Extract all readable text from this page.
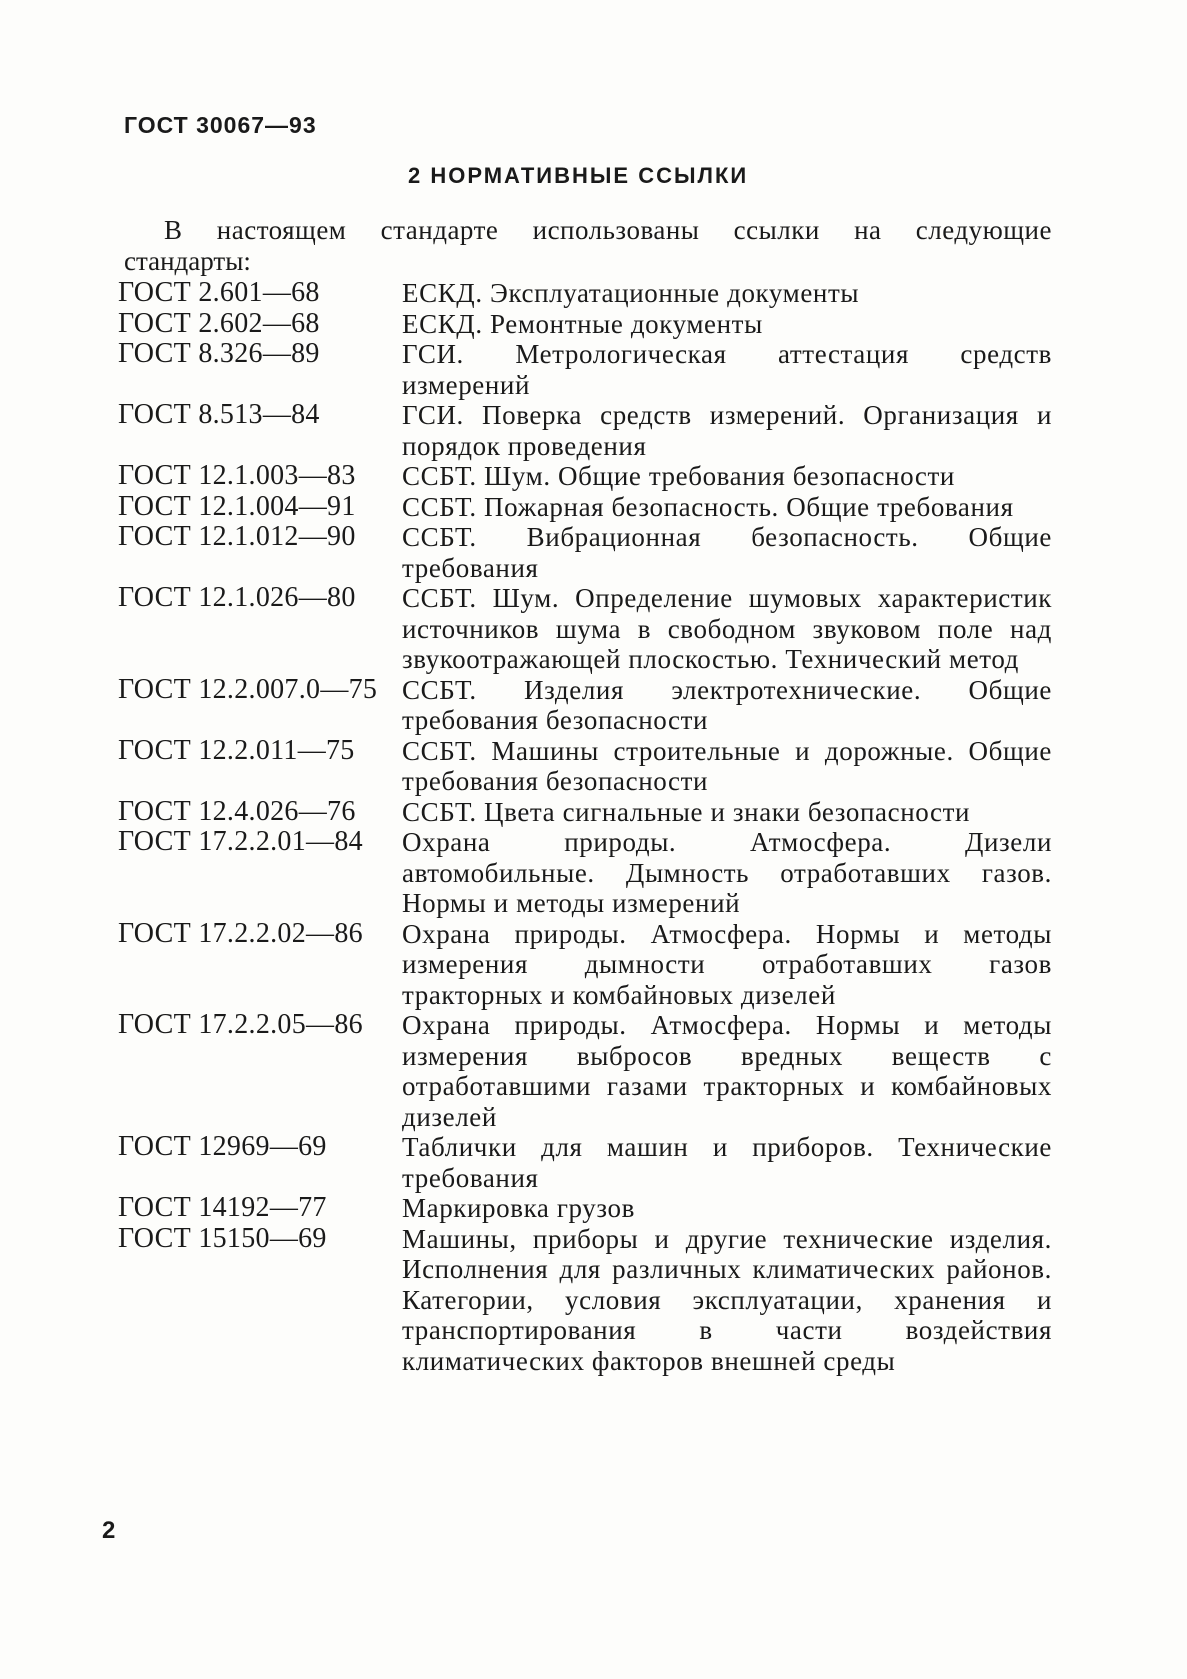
ГОСТ 30067—93
2 НОРМАТИВНЫЕ ССЫЛКИ
В настоящем стандарте использованы ссылки на следующие
стандарты:
ГОСТ 2.601—68	ЕСКД. Эксплуатационные документы
ГОСТ 2.602—68	ЕСКД. Ремонтные документы
ГОСТ 8.326—89	ГСИ. Метрологическая аттестация средств измерений
ГОСТ 8.513—84	ГСИ. Поверка средств измерений. Организация и порядок проведения
ГОСТ 12.1.003—83	ССБТ. Шум. Общие требования безопасности
ГОСТ 12.1.004—91	ССБТ. Пожарная безопасность. Общие требования
ГОСТ 12.1.012—90	ССБТ. Вибрационная безопасность. Общие требования
ГОСТ 12.1.026—80	ССБТ. Шум. Определение шумовых характеристик источников шума в свободном звуковом поле над звукоотражающей плоскостью. Технический метод
ГОСТ 12.2.007.0—75 ССБТ. Изделия электротехнические. Общие требования безопасности
ГОСТ 12.2.011—75	ССБТ. Машины строительные и дорожные. Общие требования безопасности
ГОСТ 12.4.026—76	ССБТ. Цвета сигнальные и знаки безопасности
ГОСТ 17.2.2.01—84	Охрана природы. Атмосфера. Дизели автомобильные. Дымность отработавших газов. Нормы и методы измерений
ГОСТ 17.2.2.02—86	Охрана природы. Атмосфера. Нормы и методы измерения дымности отработавших газов тракторных и комбайновых дизелей
ГОСТ 17.2.2.05—86	Охрана природы. Атмосфера. Нормы и методы измерения выбросов вредных веществ с отработавшими газами тракторных и комбайновых дизелей
ГОСТ 12969—69	Таблички для машин и приборов. Технические требования
ГОСТ 14192—77	Маркировка грузов
ГОСТ 15150—69	Машины, приборы и другие технические изделия. Исполнения для различных климатических районов. Категории, условия эксплуатации, хранения и транспортирования в части воздействия климатических факторов внешней среды
2
